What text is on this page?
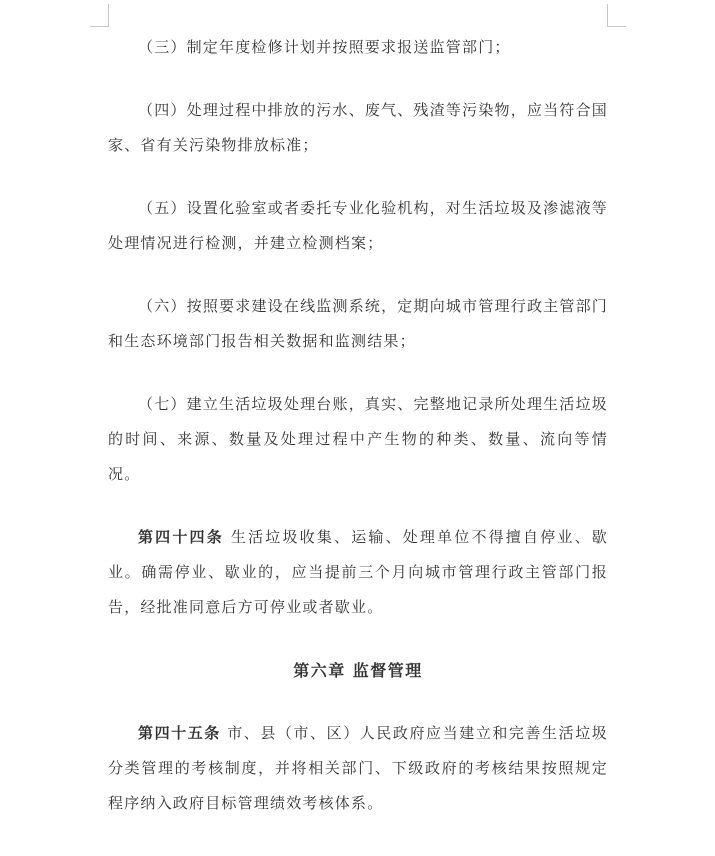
（三）制定年度检修计划并按照要求报送监管部门；

（四）处理过程中排放的污水、废气、残渣等污染物，应当符合国家、省有关污染物排放标准；

（五）设置化验室或者委托专业化验机构，对生活垃圾及渗滤液等处理情况进行检测，并建立检测档案；

（六）按照要求建设在线监测系统，定期向城市管理行政主管部门和生态环境部门报告相关数据和监测结果；

（七）建立生活垃圾处理台账，真实、完整地记录所处理生活垃圾的时间、来源、数量及处理过程中产生物的种类、数量、流向等情况。

第四十四条 生活垃圾收集、运输、处理单位不得擅自停业、歇业。确需停业、歇业的，应当提前三个月向城市管理行政主管部门报告，经批准同意后方可停业或者歇业。

第六章 监督管理

第四十五条 市、县（市、区）人民政府应当建立和完善生活垃圾分类管理的考核制度，并将相关部门、下级政府的考核结果按照规定程序纳入政府目标管理绩效考核体系。
